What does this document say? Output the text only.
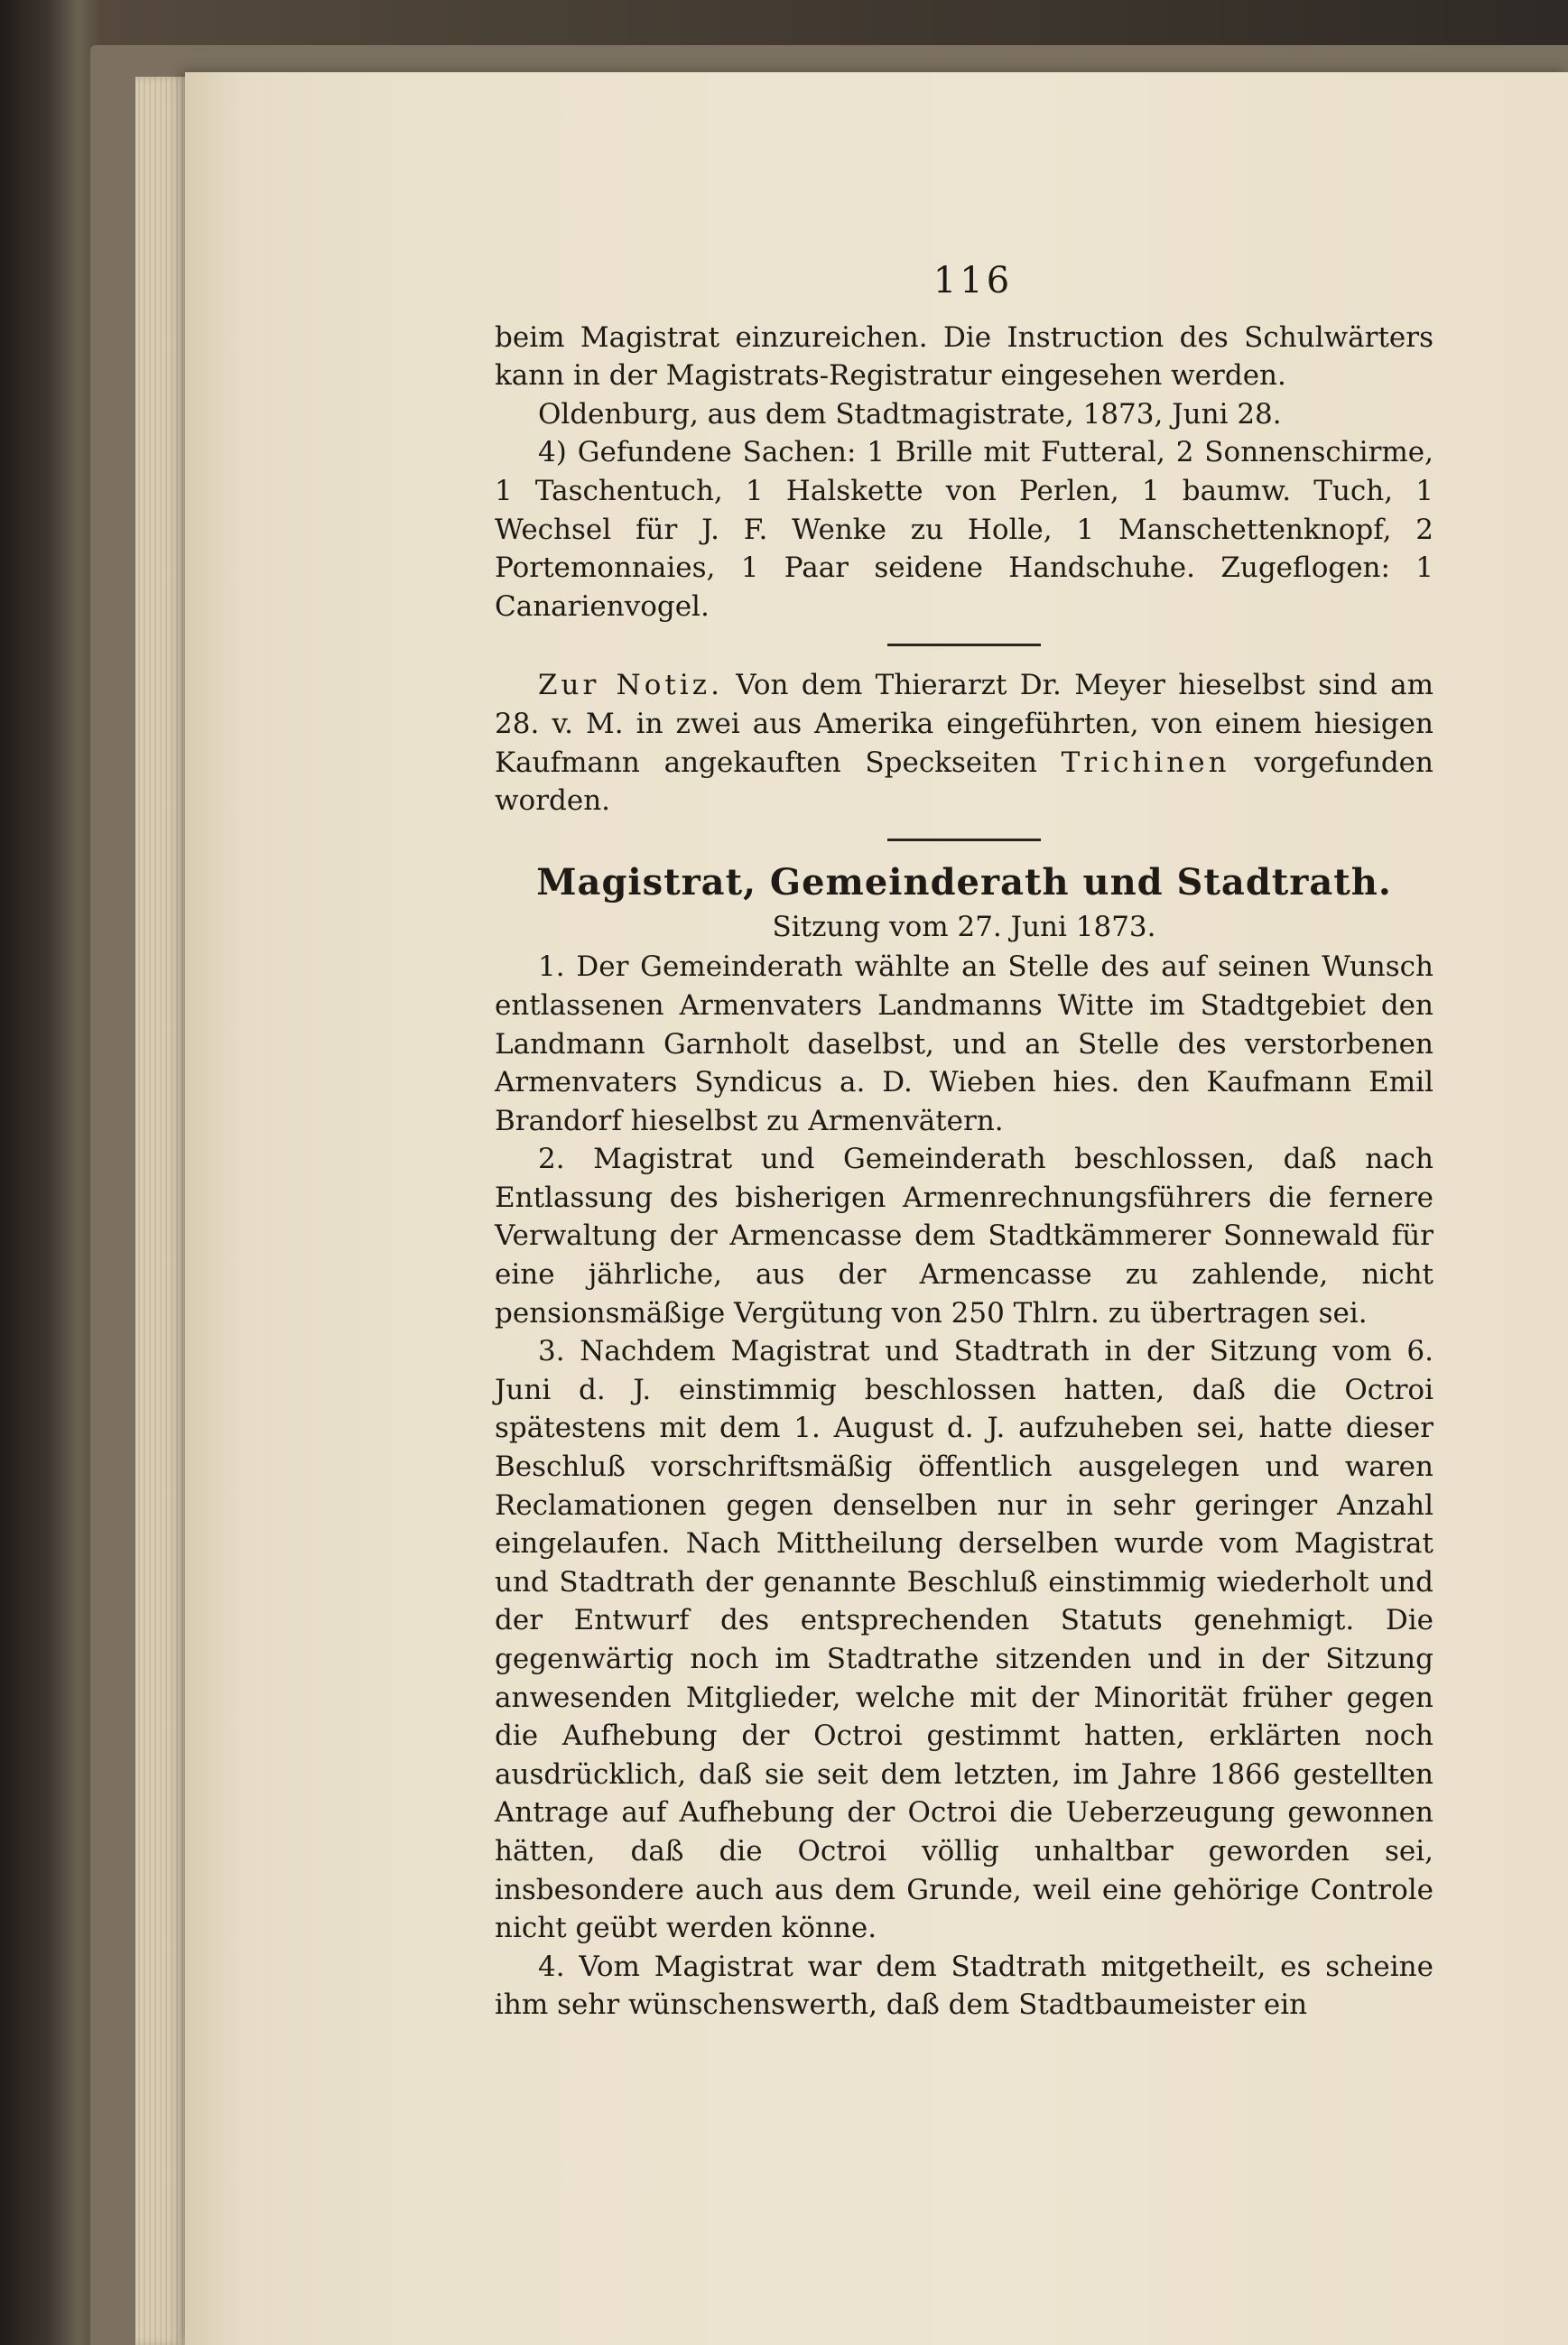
116

beim Magistrat einzureichen. Die Instruction des Schulwärters kann in der Magistrats-Registratur eingesehen werden.

Oldenburg, aus dem Stadtmagistrate, 1873, Juni 28.

4) Gefundene Sachen: 1 Brille mit Futteral, 2 Sonnenschirme, 1 Taschentuch, 1 Halskette von Perlen, 1 baumw. Tuch, 1 Wechsel für J. F. Wenke zu Holle, 1 Manschettenknopf, 2 Portemonnaies, 1 Paar seidene Handschuhe. Zugeflogen: 1 Canarienvogel.

Zur Notiz. Von dem Thierarzt Dr. Meyer hieselbst sind am 28. v. M. in zwei aus Amerika eingeführten, von einem hiesigen Kaufmann angekauften Speckseiten Trichinen vorgefunden worden.

Magistrat, Gemeinderath und Stadtrath.
Sitzung vom 27. Juni 1873.

1. Der Gemeinderath wählte an Stelle des auf seinen Wunsch entlassenen Armenvaters Landmanns Witte im Stadtgebiet den Landmann Garnholt daselbst, und an Stelle des verstorbenen Armenvaters Syndicus a. D. Wieben hies. den Kaufmann Emil Brandorf hieselbst zu Armenvätern.

2. Magistrat und Gemeinderath beschlossen, daß nach Entlassung des bisherigen Armenrechnungsführers die fernere Verwaltung der Armencasse dem Stadtkämmerer Sonnewald für eine jährliche, aus der Armencasse zu zahlende, nicht pensionsmäßige Vergütung von 250 Thlrn. zu übertragen sei.

3. Nachdem Magistrat und Stadtrath in der Sitzung vom 6. Juni d. J. einstimmig beschlossen hatten, daß die Octroi spätestens mit dem 1. August d. J. aufzuheben sei, hatte dieser Beschluß vorschriftsmäßig öffentlich ausgelegen und waren Reclamationen gegen denselben nur in sehr geringer Anzahl eingelaufen. Nach Mittheilung derselben wurde vom Magistrat und Stadtrath der genannte Beschluß einstimmig wiederholt und der Entwurf des entsprechenden Statuts genehmigt. Die gegenwärtig noch im Stadtrathe sitzenden und in der Sitzung anwesenden Mitglieder, welche mit der Minorität früher gegen die Aufhebung der Octroi gestimmt hatten, erklärten noch ausdrücklich, daß sie seit dem letzten, im Jahre 1866 gestellten Antrage auf Aufhebung der Octroi die Ueberzeugung gewonnen hätten, daß die Octroi völlig unhaltbar geworden sei, insbesondere auch aus dem Grunde, weil eine gehörige Controle nicht geübt werden könne.

4. Vom Magistrat war dem Stadtrath mitgetheilt, es scheine ihm sehr wünschenswerth, daß dem Stadtbaumeister ein
